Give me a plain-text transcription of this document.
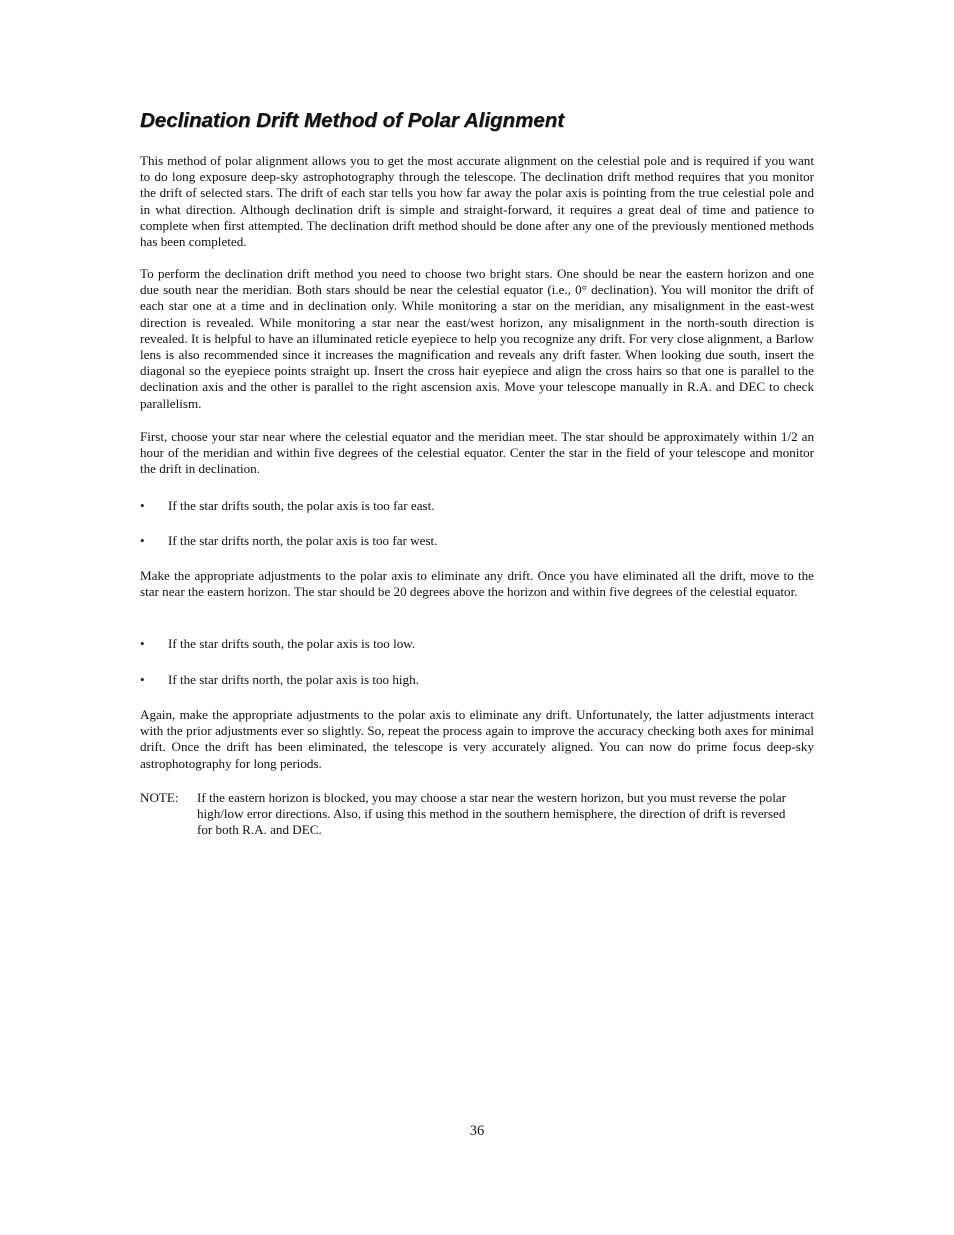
Declination Drift Method of Polar Alignment

This method of polar alignment allows you to get the most accurate alignment on the celestial pole and is required if you want to do long exposure deep-sky astrophotography through the telescope. The declination drift method requires that you monitor the drift of selected stars. The drift of each star tells you how far away the polar axis is pointing from the true celestial pole and in what direction. Although declination drift is simple and straight-forward, it requires a great deal of time and patience to complete when first attempted. The declination drift method should be done after any one of the previously mentioned methods has been completed.

To perform the declination drift method you need to choose two bright stars. One should be near the eastern horizon and one due south near the meridian. Both stars should be near the celestial equator (i.e., 0° declination). You will monitor the drift of each star one at a time and in declination only. While monitoring a star on the meridian, any misalignment in the east-west direction is revealed. While monitoring a star near the east/west horizon, any misalignment in the north-south direction is revealed. It is helpful to have an illuminated reticle eyepiece to help you recognize any drift. For very close alignment, a Barlow lens is also recommended since it increases the magnification and reveals any drift faster. When looking due south, insert the diagonal so the eyepiece points straight up. Insert the cross hair eyepiece and align the cross hairs so that one is parallel to the declination axis and the other is parallel to the right ascension axis. Move your telescope manually in R.A. and DEC to check parallelism.

First, choose your star near where the celestial equator and the meridian meet. The star should be approximately within 1/2 an hour of the meridian and within five degrees of the celestial equator. Center the star in the field of your telescope and monitor the drift in declination.

•	If the star drifts south, the polar axis is too far east.
•	If the star drifts north, the polar axis is too far west.

Make the appropriate adjustments to the polar axis to eliminate any drift. Once you have eliminated all the drift, move to the star near the eastern horizon. The star should be 20 degrees above the horizon and within five degrees of the celestial equator.

•	If the star drifts south, the polar axis is too low.
•	If the star drifts north, the polar axis is too high.

Again, make the appropriate adjustments to the polar axis to eliminate any drift. Unfortunately, the latter adjustments interact with the prior adjustments ever so slightly. So, repeat the process again to improve the accuracy checking both axes for minimal drift. Once the drift has been eliminated, the telescope is very accurately aligned. You can now do prime focus deep-sky astrophotography for long periods.

NOTE: If the eastern horizon is blocked, you may choose a star near the western horizon, but you must reverse the polar high/low error directions. Also, if using this method in the southern hemisphere, the direction of drift is reversed for both R.A. and DEC.

36
